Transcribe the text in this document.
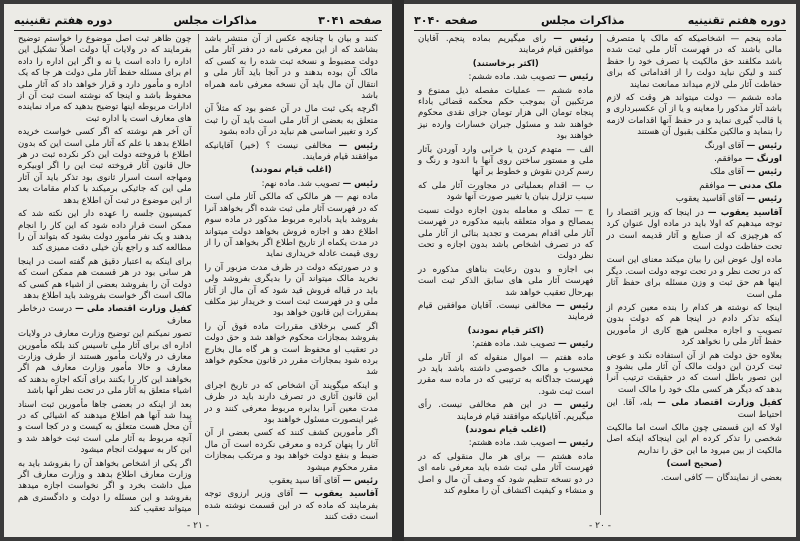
صفحه ۳۰۴۱
مذاکرات مجلس
دوره هفتم تقنینیه

کنند و بیان با چنانچه عکس از آن منتشر باشد بشاشد که از این معرفی نامه در دفتر آثار ملی دولت مضبوط و نسخه ثبت شده را به کسی که مالک آن بوده بدهند و در آنجا باید آثار ملی و انتقال آن مال باید آن نسخه معرفی نامه همراه باشد

اگرچه یکی ثبت مال در آن عضو بود که مثلاً آن متعلق به بعضی از آثار ملی است باید آن را ثبت کرد و تغییر اساسی هم نباید در آن داده بشود

رئیس — مخالفی نیست ؟ (خیر) آقایانیکه موافقند قیام فرمایند.

(اغلب قیام نمودند)

رئیس — تصویب شد. ماده نهم:

ماده نهم — هر مالکی که مالکی آثار ملی است که در فهرست آثار ملی ثبت شده اگر بخواهد آنرا بفروشد باید بادایره مربوط مذکور در ماده سوم اطلاع دهد و اجازه فروش بخواهد دولت میتواند در مدت یکماه از تاریخ اطلاع اگر بخواهد آن را از روی قیمت عادله خریداری نماید

و در صورتیکه دولت در ظرف مدت مزبور آن را نخرید مالک میتواند آن را بدیگری بفروشد ولی باید در قباله فروش قید شود که آن مال از آثار ملی و در فهرست ثبت است و خریدار نیز مکلف بمقررات این قانون خواهد بود

اگر کسی برخلاف مقررات ماده فوق آن را بفروشد بمجازات محکوم خواهد شد و حق دولت در تعقیب او محفوظ است و هر گاه مال بخارج برده شود بمجازات مقرر در قانون محکوم خواهد شد

و اینکه میگویند آن اشخاص که در تاریخ اجرای این قانون آثاری در تصرف دارند باید در ظرف مدت معین آنرا بدایره مربوط معرفی کنند و در غیر اینصورت مسئول خواهند بود

اگر مأمورین کشف کنند که کسی بعضی از آن آثار را پنهان کرده و معرفی نکرده است آن مال ضبط و بنفع دولت خواهد بود و مرتکب بمجازات مقرر محکوم میشود

رئیس — آقای آقا سید یعقوب

آقاسید یعقوب — آقای وزیر ارزوی توجه بفرمایند که ماده که در این قسمت نوشته شده است دقت کنند

چون ظاهر ثبت اصل موضوع را خواستم توضیح بفرمایند که در ولایات آیا دولت اصلاً تشکیل این اداره را داده است یا نه و اگر این اداره را داده ام برای مسئله حفظ آثار ملی دولت هر جا که یک اداره و مأمور دارد و قرار خواهد داد که آثار ملی محفوظ باشد و اینجا که نوشته است ثبت آن از ادارات مربوطه اینها توضیح بدهید که مراد نماینده های معارف است یا اداره ثبت

آن آخر هم نوشته که اگر کسی خواست خریده اطلاع بدهد با علم که آثار ملی است این که بدون اطلاع با فروخته دولت این ذکر نکرده ثبت در هر حال قانون آثار فروخته ثبت این را اگر اوبیکره ومهاجه است اسرار ثانوی بود تذکر باید آن آثار ملی این که جاثیکی برمیکند با کدام مقامات بعد از این موضوع در ثبت آن اطلاع بدهد

کمیسیون جلسه را عهده دار این نکته شد که ممکن است قرار داده شود که این کار را انجام بدهند و یک نفر مأمور دولت بشود که بتواند آن را مطالعه کند و راجع بآن خیلی دقت ممیزی کند

برای اینکه به اعتبار دقیق هم گفته است در اینجا هر سانی بود در هر قسمت هم ممکن است که دولت آن را بفروشد بعضی از اشیاء هم کسی که مالک است اگر خواست بفروشد باید اطلاع بدهد

کفیل وزارت اقتصاد ملی — درست درخاطر معارف

تصور نمیکنم این توضیح وزارت معارف در ولایات اداره ای برای آثار ملی تاسیس کند بلکه مأمورین معارف در ولایات مأمور هستند از طرف وزارت معارف و حالا مأمور وزارت معارف هم اگر بخواهند این کار را بکنند برای آنکه اجازه بدهند که اشیاء متعلق به آثار ملی در تحت نظر آنها باشد

بعد از اینکه در بعضی جاها مأمورین ثبت اسناد پیدا شد آنها هم اطلاع میدهند که اشیائی که در آن محل هست متعلق به کیست و در کجا است و آنچه مربوط به آثار ملی است ثبت خواهد شد و این کار به سهولت انجام میشود

اگر یکی از اشخاص بخواهد آن را بفروشد باید به وزارت معارف اطلاع بدهد و وزارت معارف اگر میل داشت بخرد و اگر نخواست اجازه میدهد بفروشد و این مسئله را دولت و دادگستری هم میتواند تعقیب کند

- ۲۱ -
دوره هفتم تقنینیه
مذاکرات مجلس
صفحه ۳۰۴۰

ماده پنجم — اشخاصیکه که مالک یا متصرف مالی باشند که در فهرست آثار ملی ثبت شده باشد مکلفند حق مالکیت یا تصرف خود را حفظ کنند و لیکن نباید دولت را از اقداماتی که برای حفاظت آثار ملی لازم میداند ممانعت نمایند

ماده ششم — دولت میتواند هر وقت که لازم باشد آثار مذکور را معاینه و یا از آن عکسبرداری و یا قالب گیری نماید و در حفظ آنها اقدامات لازمه را بنماید و مالکین مکلف بقبول آن هستند

رئیس — آقای اورنگ

اورنگ — موافقم.

رئیس — آقای ملک

ملک مدنی — موافقم

رئیس — آقای آقاسید یعقوب

آقاسید یعقوب — در اینجا که وزیر اقتصاد را توجه میدهیم که اولا باید در ماده اول عنوان کرد که هرچیزی که از صنایع و آثار قدیمه است در تحت حفاظت دولت است

ماده اول عوض این را بیان میکند معنای این است که در تحت نظر و در تحت توجه دولت است. دیگر اینها هم حق ثبت و وزن مسئله برای حفظ آثار ملی است

اینجا که نوشته هر کدام را بنده معین کردم از اینکه تذکر دادم در اینجا هم که دولت بدون تصویب و اجازه مجلس هیچ کاری از مأمورین حفظ آثار ملی را نخواهد کرد

بعلاوه حق دولت هم از آن استفاده نکند و عوض ثبت کردن این دولت مالک آن آثار ملی بشود و این تصور باطل است که در حقیقت ترتیب آنرا بدهد که دیگر هر کسی ملک خود را مالک است

کفیل وزارت اقتصاد ملی — بله، آقا. این احتیاط است

اولا که این قسمتی چون مالک است اما مالکیت شخصی را تذکر کرده ام این اینجاکه اینکه اصل مالکیت از بین میرود ما این حق را نداریم

(صحیح است)

بعضی از نمایندگان — کافی است.

رئیس — رای میگیریم بماده پنجم. آقایان موافقین قیام فرمایند

(اکثر برخاستند)

رئیس — تصویب شد. ماده ششم:

ماده ششم — عملیات مفصله ذیل ممنوع و مرتکبین آن بموجب حکم محکمه قضائی باداء پنجاه تومان الی هزار تومان جزای نقدی محکوم خواهند شد و مسئول جبران خسارات وارده نیز خواهند بود

الف — متهدم کردن یا خرابی وارد آوردن بآثار ملی و مستور ساختن روی آنها با اندود و رنگ و رسم کردن نقوش و خطوط بر آنها

ب — اقدام بعملیاتی در مجاورت آثار ملی که سبب تزلزل بنیان یا تغییر صورت آنها شود

ج — تملک و معامله بدون اجازه دولت نسبت بمصالح و مواد متعلقه بابنیه مذکوره در فهرست آثار ملی اقدام بمرمت و تجدید بنائی از آثار ملی که در تصرف اشخاص باشد بدون اجازه و تحت نظر دولت

بی اجازه و بدون رعایت بناهای مذکوره در فهرست آثار ملی های سابق الذکر ثبت است بهرحال تعقیب خواهد شد

رئیس — مخالفی نیست. آقایان موافقین قیام فرمایند

(اکثر قیام نمودند)

رئیس — تصویب شد. ماده هفتم:

ماده هفتم — اموال منقوله که از آثار ملی محسوب و مالک خصوصی داشته باشد باید در فهرست جداگانه به ترتیبی که در ماده سه مقرر است ثبت شود.

رئیس — در این هم مخالفی نیست. رأی میگیریم. آقایانیکه موافقند قیام فرمایند

(اغلب قیام نمودند)

رئیس — اصویب شد. ماده هشتم:

ماده هشتم — برای هر مال منقولی که در فهرست آثار ملی ثبت شده باید معرفی نامه ای در دو نسخه تنظیم شود که وصف آن مال و اصل و منشاء و کیفیت اکتشاف آن را معلوم کند

- ۲۰ -
